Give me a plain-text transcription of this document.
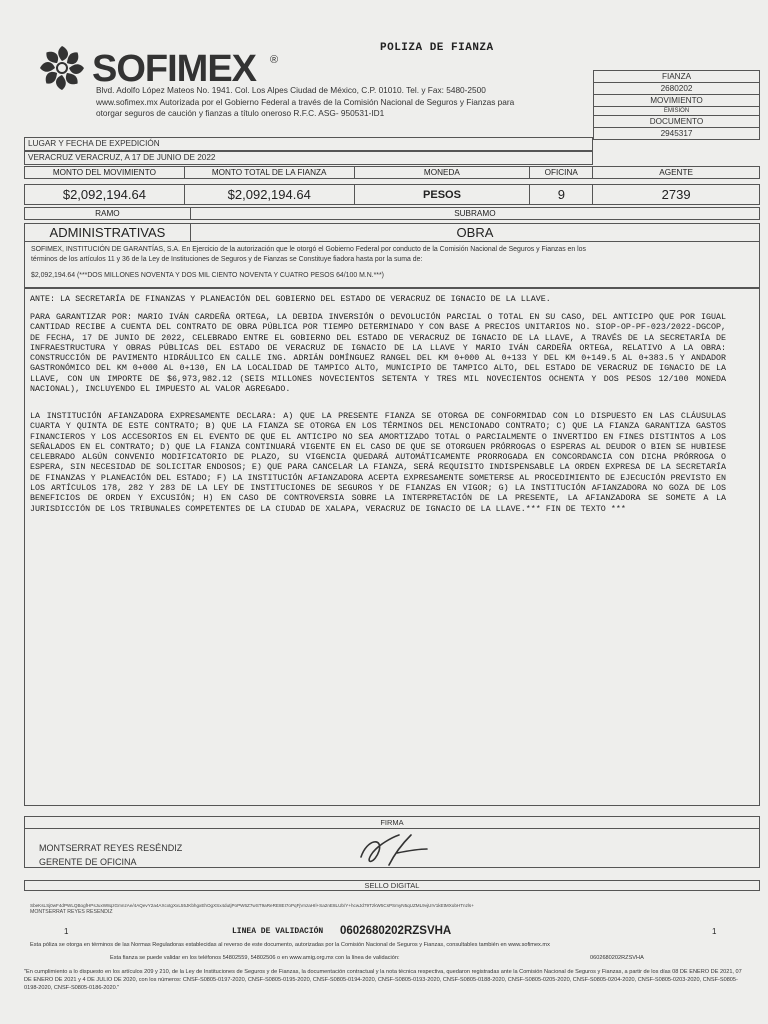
POLIZA DE FIANZA
SOFIMEX ®
Blvd. Adolfo López Mateos No. 1941. Col. Los Alpes Ciudad de México, C.P. 01010. Tel. y Fax: 5480-2500
www.sofimex.mx Autorizada por el Gobierno Federal a través de la Comisión Nacional de Seguros y Fianzas para
otorgar seguros de caución y fianzas a título oneroso R.F.C. ASG- 950531-ID1
FIANZA
2680202
MOVIMIENTO
EMISION
DOCUMENTO
2945317
LUGAR Y FECHA DE EXPEDICIÓN
VERACRUZ VERACRUZ, A 17 DE JUNIO DE 2022
MONTO DEL MOVIMIENTO	MONTO TOTAL DE LA FIANZA	MONEDA	OFICINA	AGENTE
$2,092,194.64	$2,092,194.64	PESOS	9	2739
RAMO	SUBRAMO
ADMINISTRATIVAS	OBRA
SOFIMEX, INSTITUCIÓN DE GARANTÍAS, S.A. En Ejercicio de la autorización que le otorgó el Gobierno Federal por conducto de la Comisión Nacional de Seguros y Fianzas en los
términos de los artículos 11 y 36 de la Ley de Instituciones de Seguros y de Fianzas se Constituye fiadora hasta por la suma de:
$2,092,194.64 (***DOS MILLONES NOVENTA Y DOS MIL CIENTO NOVENTA Y CUATRO PESOS 64/100 M.N.***)
ANTE: LA SECRETARÍA DE FINANZAS Y PLANEACIÓN DEL GOBIERNO DEL ESTADO DE VERACRUZ DE IGNACIO DE LA LLAVE.
PARA GARANTIZAR POR: MARIO IVÁN CARDEÑA ORTEGA, LA DEBIDA INVERSIÓN O DEVOLUCIÓN PARCIAL O TOTAL EN SU CASO, DEL ANTICIPO QUE POR IGUAL CANTIDAD RECIBE A CUENTA DEL CONTRATO DE OBRA PÚBLICA POR TIEMPO DETERMINADO Y CON BASE A PRECIOS UNITARIOS NO. SIOP-OP-PF-023/2022-DGCOP, DE FECHA, 17 DE JUNIO DE 2022, CELEBRADO ENTRE EL GOBIERNO DEL ESTADO DE VERACRUZ DE IGNACIO DE LA LLAVE, A TRAVÉS DE LA SECRETARÍA DE INFRAESTRUCTURA Y OBRAS PÚBLICAS DEL ESTADO DE VERACRUZ DE IGNACIO DE LA LLAVE Y MARIO IVÁN CARDEÑA ORTEGA, RELATIVO A LA OBRA: CONSTRUCCIÓN DE PAVIMENTO HIDRÁULICO EN CALLE ING. ADRIÁN DOMÍNGUEZ RANGEL DEL KM 0+000 AL 0+133 Y DEL KM 0+149.5 AL 0+383.5 Y ANDADOR GASTRONÓMICO DEL KM 0+000 AL 0+130, EN LA LOCALIDAD DE TAMPICO ALTO, MUNICIPIO DE TAMPICO ALTO, DEL ESTADO DE VERACRUZ DE IGNACIO DE LA LLAVE, CON UN IMPORTE DE $6,973,982.12 (SEIS MILLONES NOVECIENTOS SETENTA Y TRES MIL NOVECIENTOS OCHENTA Y DOS PESOS 12/100 MONEDA NACIONAL), INCLUYENDO EL IMPUESTO AL VALOR AGREGADO.
LA INSTITUCIÓN AFIANZADORA EXPRESAMENTE DECLARA: A) QUE LA PRESENTE FIANZA SE OTORGA DE CONFORMIDAD CON LO DISPUESTO EN LAS CLÁUSULAS CUARTA Y QUINTA DE ESTE CONTRATO; B) QUE LA FIANZA SE OTORGA EN LOS TÉRMINOS DEL MENCIONADO CONTRATO; C) QUE LA FIANZA GARANTIZA GASTOS FINANCIEROS Y LOS ACCESORIOS EN EL EVENTO DE QUE EL ANTICIPO NO SEA AMORTIZADO TOTAL O PARCIALMENTE O INVERTIDO EN FINES DISTINTOS A LOS SEÑALADOS EN EL CONTRATO; D) QUE LA FIANZA CONTINUARÁ VIGENTE EN EL CASO DE QUE SE OTORGUEN PRÓRROGAS O ESPERAS AL DEUDOR O BIEN SE HUBIESE CELEBRADO ALGÚN CONVENIO MODIFICATORIO DE PLAZO, SU VIGENCIA QUEDARÁ AUTOMÁTICAMENTE PRORROGADA EN CONCORDANCIA CON DICHA PRÓRROGA O ESPERA, SIN NECESIDAD DE SOLICITAR ENDOSOS; E) QUE PARA CANCELAR LA FIANZA, SERÁ REQUISITO INDISPENSABLE LA ORDEN EXPRESA DE LA SECRETARÍA DE FINANZAS Y PLANEACIÓN DEL ESTADO; F) LA INSTITUCIÓN AFIANZADORA ACEPTA EXPRESAMENTE SOMETERSE AL PROCEDIMIENTO DE EJECUCIÓN PREVISTO EN LOS ARTÍCULOS 178, 282 Y 283 DE LA LEY DE INSTITUCIONES DE SEGUROS Y DE FIANZAS EN VIGOR; G) LA INSTITUCIÓN AFIANZADORA NO GOZA DE LOS BENEFICIOS DE ORDEN Y EXCUSIÓN; H) EN CASO DE CONTROVERSIA SOBRE LA INTERPRETACIÓN DE LA PRESENTE, LA AFIANZADORA SE SOMETE A LA JURISDICCIÓN DE LOS TRIBUNALES COMPETENTES DE LA CIUDAD DE XALAPA, VERACRUZ DE IGNACIO DE LA LLAVE.*** FIN DE TEXTO ***
FIRMA
MONTSERRAT REYES RESÉNDIZ
GERENTE DE OFICINA
SELLO DIGITAL
SbeKsLSj0wF4dPWLQBogfHPsJuxW8qzGmnzAe/4AQevY2a4AXcxtgXxL55JKbhgxEhOgXSx4dutjPoPW6Z7wST9aReRE8EI7oPqFjVnzaHIl+Sa2nE8LUb/Y+hcwJd79TzkW5CsPSmyN5qUZML9vjUIV1kEtMXobHTnzls+
MONTSERRAT REYES RESENDIZ
1	LINEA DE VALIDACIÓN 0602680202RZSVHA	1
Esta póliza se otorga en términos de las Normas Reguladoras establecidas al reverso de este documento, autorizadas por la Comisión Nacional de Seguros y Fianzas, consultables también en www.sofimex.mx
Esta fianza se puede validar en los teléfonos 54802559, 54802506 o en www.amig.org.mx con la línea de validación:	0602680202RZSVHA
"En cumplimiento a lo dispuesto en los artículos 209 y 210, de la Ley de Instituciones de Seguros y de Fianzas, la documentación contractual y la nota técnica respectiva, quedaron registradas ante la Comisión Nacional de Seguros y Fianzas, a partir de los días 08 DE ENERO DE 2021, 07 DE ENERO DE 2021 y 4 DE JULIO DE 2020, con los números: CNSF-S0805-0197-2020, CNSF-S0805-0195-2020, CNSF-S0805-0194-2020, CNSF-S0805-0193-2020, CNSF-S0805-0188-2020, CNSF-S0805-0205-2020, CNSF-S0805-0204-2020, CNSF-S0805-0203-2020, CNSF-S0805-0198-2020, CNSF-S0805-0186-2020."
